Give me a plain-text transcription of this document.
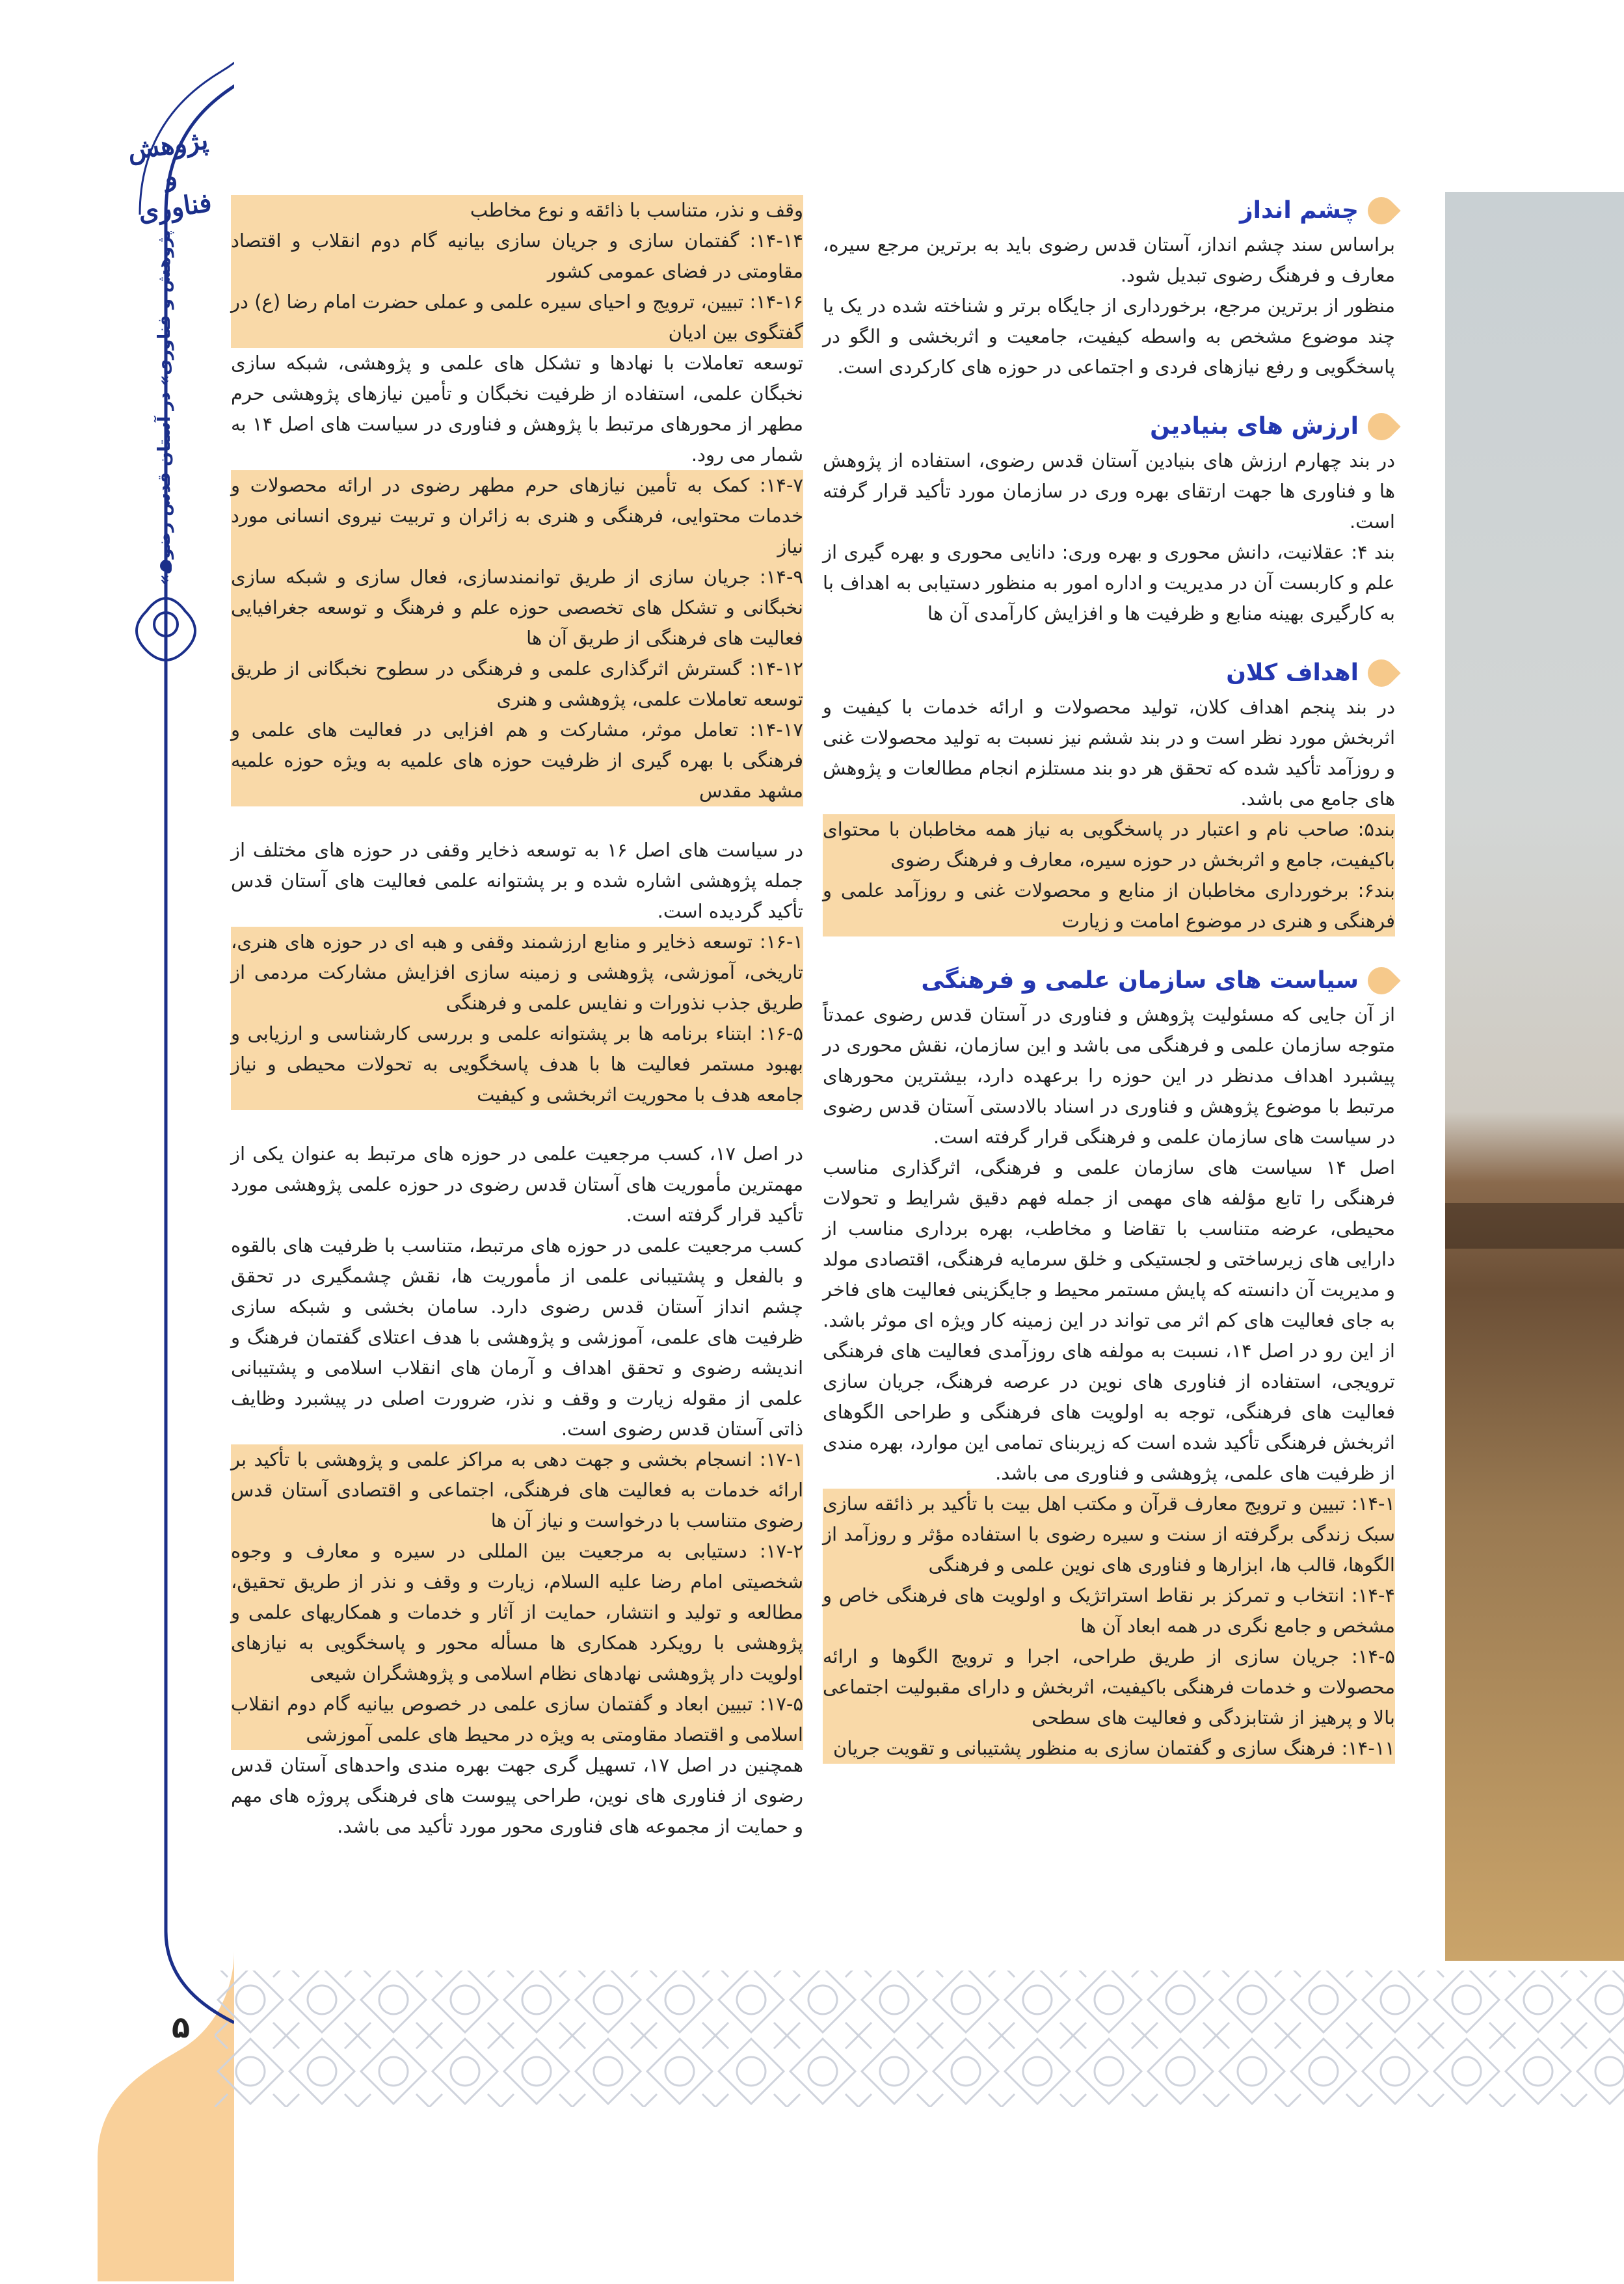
پژوهش و فناوری
«پژوهش و فناوری» در آستان قدس رضوی
۵
چشم انداز

براساس سند چشم انداز، آستان قدس رضوی باید به برترین مرجع سیره، معارف و فرهنگ رضوی تبدیل شود.

منظور از برترین مرجع، برخورداری از جایگاه برتر و شناخته شده در یک یا چند موضوع مشخص به واسطه کیفیت، جامعیت و اثربخشی و الگو در پاسخگویی و رفع نیازهای فردی و اجتماعی در حوزه های کارکردی است.

ارزش های بنیادین

در بند چهارم ارزش های بنیادین آستان قدس رضوی، استفاده از پژوهش ها و فناوری ها جهت ارتقای بهره وری در سازمان مورد تأکید قرار گرفته است.

بند ۴: عقلانیت، دانش محوری و بهره وری: دانایی محوری و بهره گیری از علم و کاربست آن در مدیریت و اداره امور به منظور دستیابی به اهداف با به کارگیری بهینه منابع و ظرفیت ها و افزایش کارآمدی آن ها

اهداف کلان

در بند پنجم اهداف کلان، تولید محصولات و ارائه خدمات با کیفیت و اثربخش مورد نظر است و در بند ششم نیز نسبت به تولید محصولات غنی و روزآمد تأکید شده که تحقق هر دو بند مستلزم انجام مطالعات و پژوهش های جامع می باشد.

بند۵: صاحب نام و اعتبار در پاسخگویی به نیاز همه مخاطبان با محتوای باکیفیت، جامع و اثربخش در حوزه سیره، معارف و فرهنگ رضوی

بند۶: برخورداری مخاطبان از منابع و محصولات غنی و روزآمد علمی و فرهنگی و هنری در موضوع امامت و زیارت

سیاست های سازمان علمی و فرهنگی

از آن جایی که مسئولیت پژوهش و فناوری در آستان قدس رضوی عمدتاً متوجه سازمان علمی و فرهنگی می باشد و این سازمان، نقش محوری در پیشبرد اهداف مدنظر در این حوزه را برعهده دارد، بیشترین محورهای مرتبط با موضوع پژوهش و فناوری در اسناد بالادستی آستان قدس رضوی در سیاست های سازمان علمی و فرهنگی قرار گرفته است.

اصل ۱۴ سیاست های سازمان علمی و فرهنگی، اثرگذاری مناسب فرهنگی را تابع مؤلفه های مهمی از جمله فهم دقیق شرایط و تحولات محیطی، عرضه متناسب با تقاضا و مخاطب، بهره برداری مناسب از دارایی های زیرساختی و لجستیکی و خلق سرمایه فرهنگی، اقتصادی مولد و مدیریت آن دانسته که پایش مستمر محیط و جایگزینی فعالیت های فاخر به جای فعالیت های کم اثر می تواند در این زمینه کار ویژه ای موثر باشد. از این رو در اصل ۱۴، نسبت به مولفه های روزآمدی فعالیت های فرهنگی ترویجی، استفاده از فناوری های نوین در عرصه فرهنگ، جریان سازی فعالیت های فرهنگی، توجه به اولویت های فرهنگی و طراحی الگوهای اثربخش فرهنگی تأکید شده است که زیربنای تمامی این موارد، بهره مندی از ظرفیت های علمی، پژوهشی و فناوری می باشد.

۱۴-۱: تبیین و ترویج معارف قرآن و مکتب اهل بیت با تأکید بر ذائقه سازی سبک زندگی برگرفته از سنت و سیره رضوی با استفاده مؤثر و روزآمد از الگوها، قالب ها، ابزارها و فناوری های نوین علمی و فرهنگی

۱۴-۴: انتخاب و تمرکز بر نقاط استراتژیک و اولویت های فرهنگی خاص و مشخص و جامع نگری در همه ابعاد آن ها

۱۴-۵: جریان سازی از طریق طراحی، اجرا و ترویج الگوها و ارائه محصولات و خدمات فرهنگی باکیفیت، اثربخش و دارای مقبولیت اجتماعی بالا و پرهیز از شتابزدگی و فعالیت های سطحی

۱۴-۱۱: فرهنگ سازی و گفتمان سازی به منظور پشتیبانی و تقویت جریان

وقف و نذر، متناسب با ذائقه و نوع مخاطب

۱۴-۱۴: گفتمان سازی و جریان سازی بیانیه گام دوم انقلاب و اقتصاد مقاومتی در فضای عمومی کشور

۱۴-۱۶: تبیین، ترویج و احیای سیره علمی و عملی حضرت امام رضا (ع) در گفتگوی بین ادیان

توسعه تعاملات با نهادها و تشکل های علمی و پژوهشی، شبکه سازی نخبگان علمی، استفاده از ظرفیت نخبگان و تأمین نیازهای پژوهشی حرم مطهر از محورهای مرتبط با پژوهش و فناوری در سیاست های اصل ۱۴ به شمار می رود.

۱۴-۷: کمک به تأمین نیازهای حرم مطهر رضوی در ارائه محصولات و خدمات محتوایی، فرهنگی و هنری به زائران و تربیت نیروی انسانی مورد نیاز

۱۴-۹: جریان سازی از طریق توانمندسازی، فعال سازی و شبکه سازی نخبگانی و تشکل های تخصصی حوزه علم و فرهنگ و توسعه جغرافیایی فعالیت های فرهنگی از طریق آن ها

۱۴-۱۲: گسترش اثرگذاری علمی و فرهنگی در سطوح نخبگانی از طریق توسعه تعاملات علمی، پژوهشی و هنری

۱۴-۱۷: تعامل موثر، مشارکت و هم افزایی در فعالیت های علمی و فرهنگی با بهره گیری از ظرفیت حوزه های علمیه به ویژه حوزه علمیه مشهد مقدس

در سیاست های اصل ۱۶ به توسعه ذخایر وقفی در حوزه های مختلف از جمله پژوهشی اشاره شده و بر پشتوانه علمی فعالیت های آستان قدس تأکید گردیده است.

۱۶-۱: توسعه ذخایر و منابع ارزشمند وقفی و هبه ای در حوزه های هنری، تاریخی، آموزشی، پژوهشی و زمینه سازی افزایش مشارکت مردمی از طریق جذب نذورات و نفایس علمی و فرهنگی

۱۶-۵: ابتناء برنامه ها بر پشتوانه علمی و بررسی کارشناسی و ارزیابی و بهبود مستمر فعالیت ها با هدف پاسخگویی به تحولات محیطی و نیاز جامعه هدف با محوریت اثربخشی و کیفیت

در اصل ۱۷، کسب مرجعیت علمی در حوزه های مرتبط به عنوان یکی از مهمترین مأموریت های آستان قدس رضوی در حوزه علمی پژوهشی مورد تأکید قرار گرفته است.

کسب مرجعیت علمی در حوزه های مرتبط، متناسب با ظرفیت های بالقوه و بالفعل و پشتیبانی علمی از مأموریت ها، نقش چشمگیری در تحقق چشم انداز آستان قدس رضوی دارد. سامان بخشی و شبکه سازی ظرفیت های علمی، آموزشی و پژوهشی با هدف اعتلای گفتمان فرهنگ و اندیشه رضوی و تحقق اهداف و آرمان های انقلاب اسلامی و پشتیبانی علمی از مقوله زیارت و وقف و نذر، ضرورت اصلی در پیشبرد وظایف ذاتی آستان قدس رضوی است.

۱۷-۱: انسجام بخشی و جهت دهی به مراکز علمی و پژوهشی با تأکید بر ارائه خدمات به فعالیت های فرهنگی، اجتماعی و اقتصادی آستان قدس رضوی متناسب با درخواست و نیاز آن ها

۱۷-۲: دستیابی به مرجعیت بین المللی در سیره و معارف و وجوه شخصیتی امام رضا علیه السلام، زیارت و وقف و نذر از طریق تحقیق، مطالعه و تولید و انتشار، حمایت از آثار و خدمات و همکاریهای علمی و پژوهشی با رویکرد همکاری ها مسأله محور و پاسخگویی به نیازهای اولویت دار پژوهشی نهادهای نظام اسلامی و پژوهشگران شیعی

۱۷-۵: تبیین ابعاد و گفتمان سازی علمی در خصوص بیانیه گام دوم انقلاب اسلامی و اقتصاد مقاومتی به ویژه در محیط های علمی آموزشی

همچنین در اصل ۱۷، تسهیل گری جهت بهره مندی واحدهای آستان قدس رضوی از فناوری های نوین، طراحی پیوست های فرهنگی پروژه های مهم و حمایت از مجموعه های فناوری محور مورد تأکید می باشد.
